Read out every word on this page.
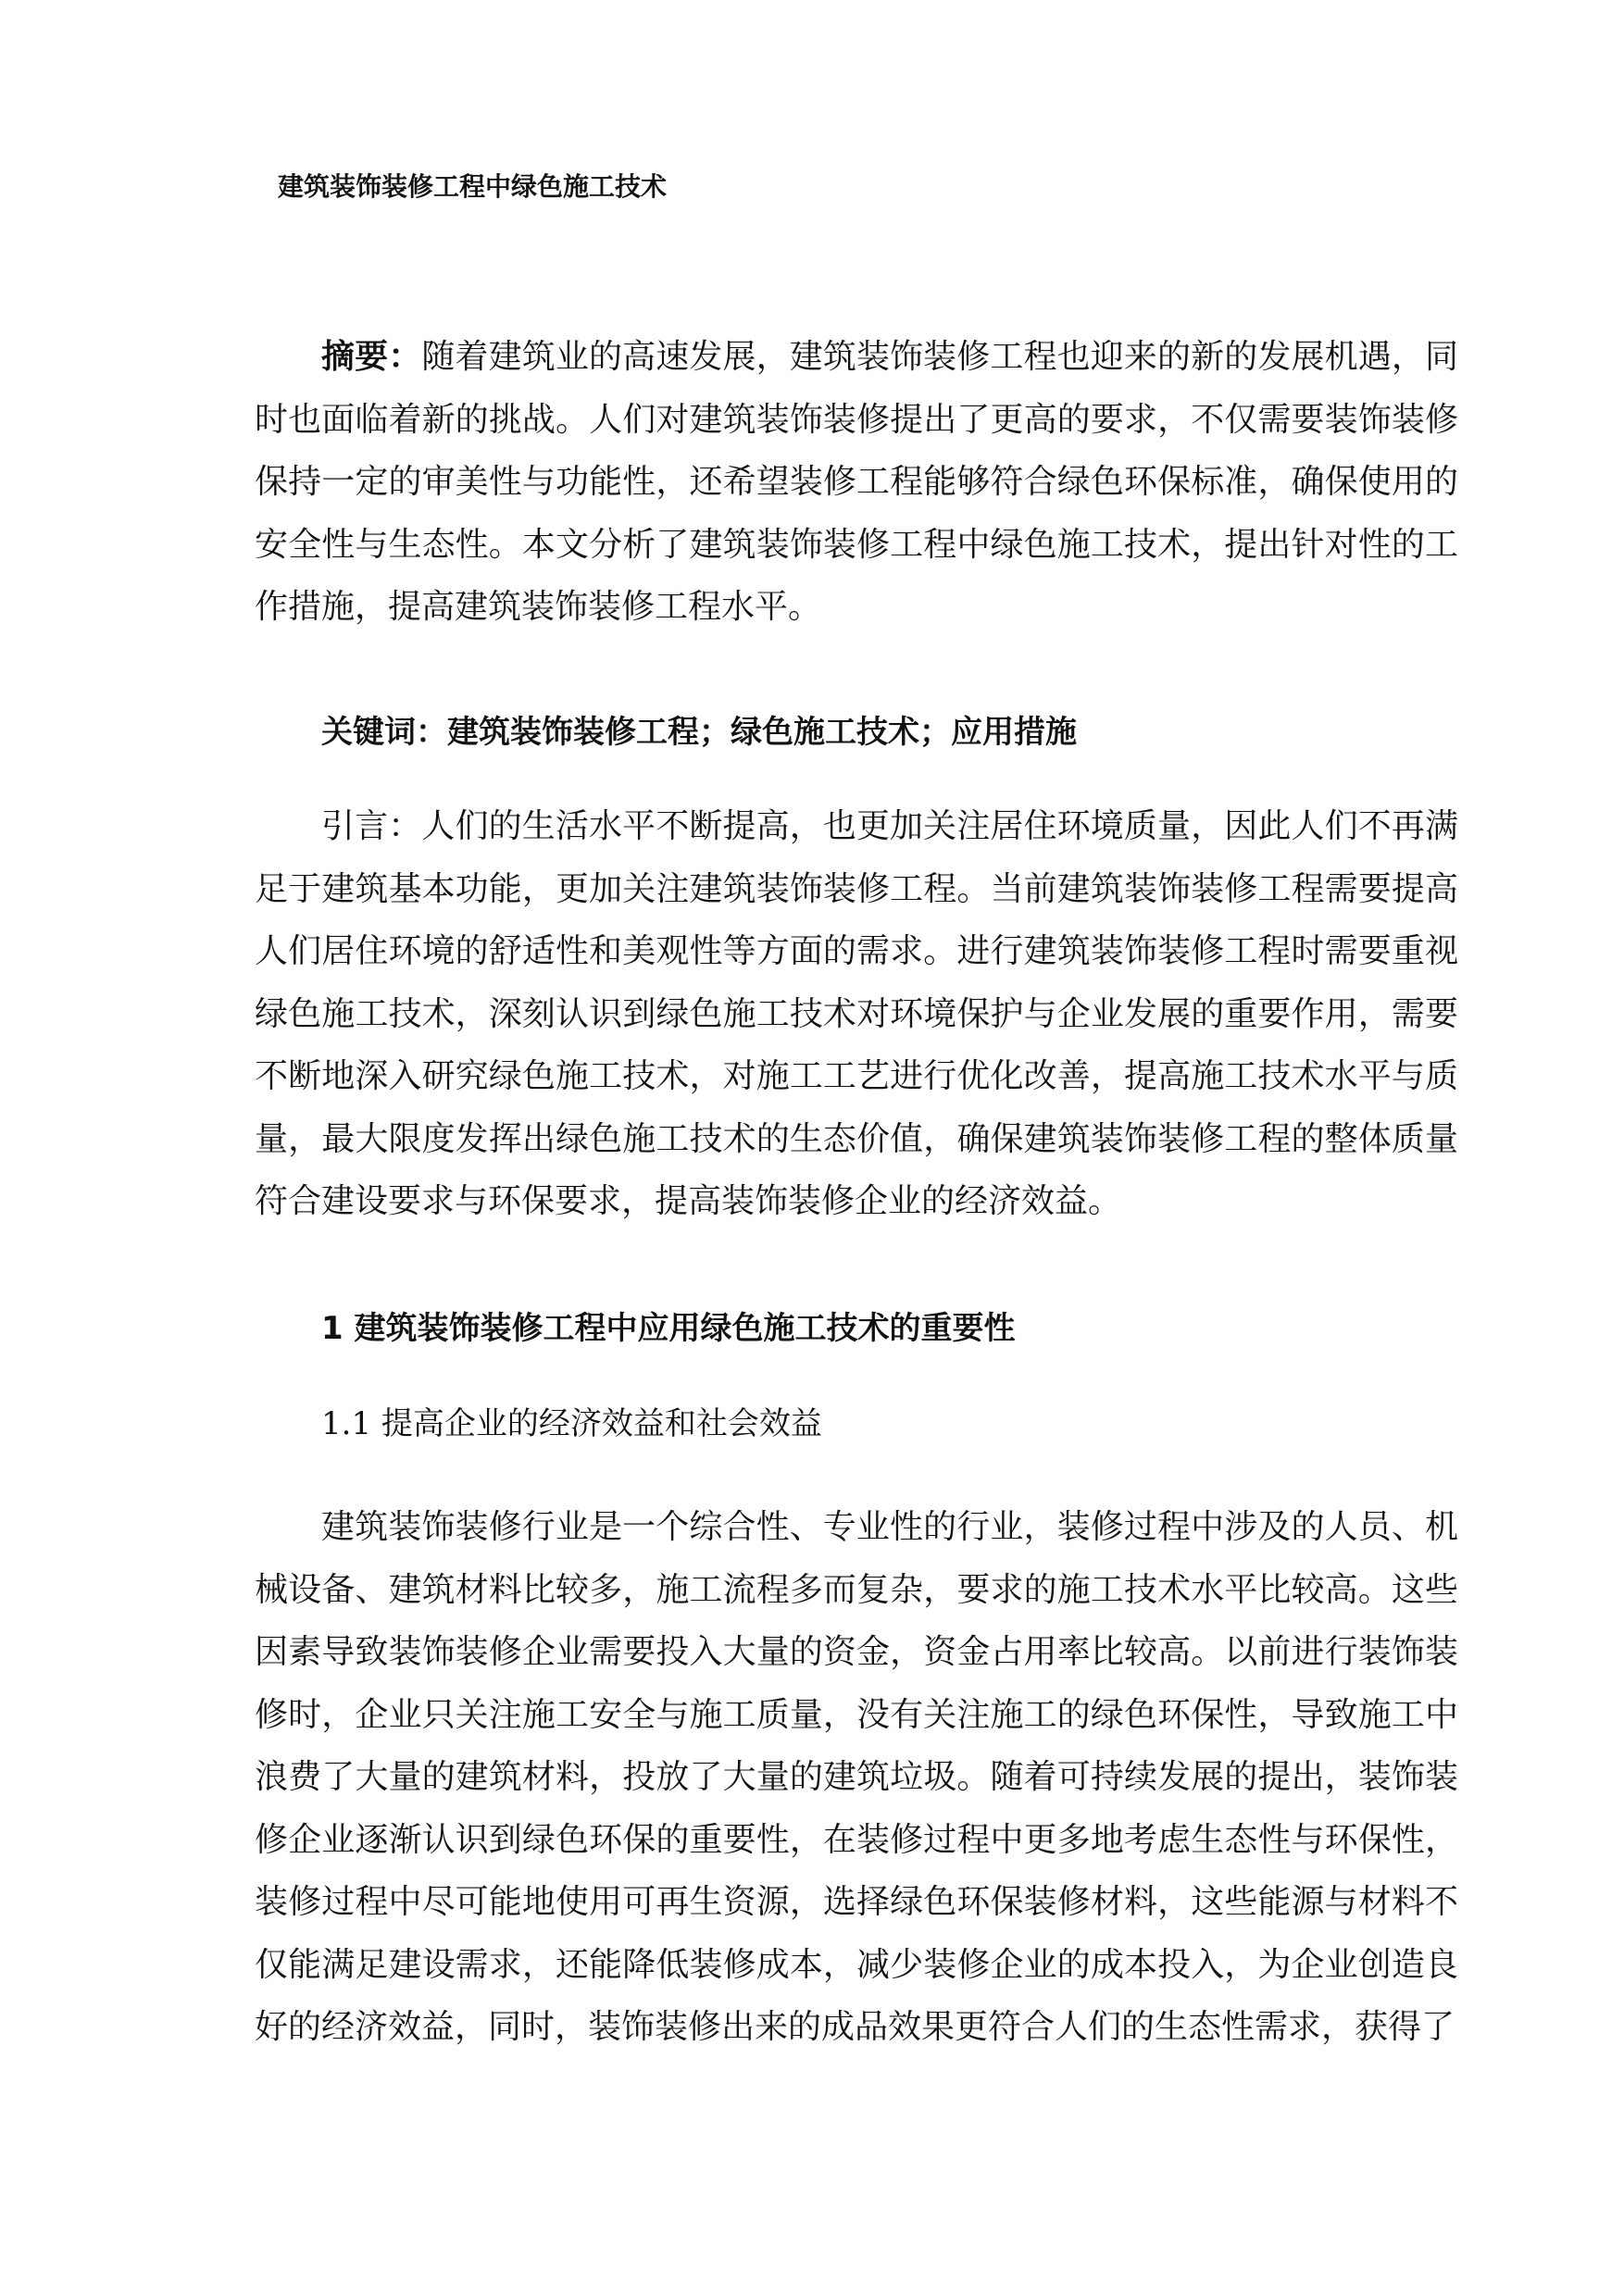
建筑装饰装修工程中绿色施工技术

摘要：随着建筑业的高速发展，建筑装饰装修工程也迎来的新的发展机遇，同时也面临着新的挑战。人们对建筑装饰装修提出了更高的要求，不仅需要装饰装修保持一定的审美性与功能性，还希望装修工程能够符合绿色环保标准，确保使用的安全性与生态性。本文分析了建筑装饰装修工程中绿色施工技术，提出针对性的工作措施，提高建筑装饰装修工程水平。

关键词：建筑装饰装修工程；绿色施工技术；应用措施

引言：人们的生活水平不断提高，也更加关注居住环境质量，因此人们不再满足于建筑基本功能，更加关注建筑装饰装修工程。当前建筑装饰装修工程需要提高人们居住环境的舒适性和美观性等方面的需求。进行建筑装饰装修工程时需要重视绿色施工技术，深刻认识到绿色施工技术对环境保护与企业发展的重要作用，需要不断地深入研究绿色施工技术，对施工工艺进行优化改善，提高施工技术水平与质量，最大限度发挥出绿色施工技术的生态价值，确保建筑装饰装修工程的整体质量符合建设要求与环保要求，提高装饰装修企业的经济效益。

1 建筑装饰装修工程中应用绿色施工技术的重要性
1.1 提高企业的经济效益和社会效益

建筑装饰装修行业是一个综合性、专业性的行业，装修过程中涉及的人员、机械设备、建筑材料比较多，施工流程多而复杂，要求的施工技术水平比较高。这些因素导致装饰装修企业需要投入大量的资金，资金占用率比较高。以前进行装饰装修时，企业只关注施工安全与施工质量，没有关注施工的绿色环保性，导致施工中浪费了大量的建筑材料，投放了大量的建筑垃圾。随着可持续发展的提出，装饰装修企业逐渐认识到绿色环保的重要性，在装修过程中更多地考虑生态性与环保性，装修过程中尽可能地使用可再生资源，选择绿色环保装修材料，这些能源与材料不仅能满足建设需求，还能降低装修成本，减少装修企业的成本投入，为企业创造良好的经济效益，同时，装饰装修出来的成品效果更符合人们的生态性需求，获得了
